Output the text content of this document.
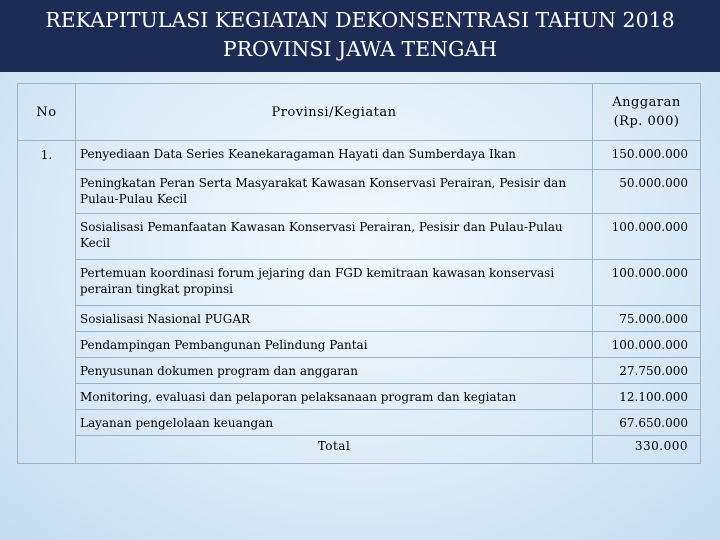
REKAPITULASI KEGIATAN DEKONSENTRASI TAHUN 2018
PROVINSI JAWA TENGAH
No	Provinsi/Kegiatan	Anggaran
(Rp. 000)

1.	Penyediaan Data Series Keanekaragaman Hayati dan Sumberdaya Ikan	150.000.000
	Peningkatan Peran Serta Masyarakat Kawasan Konservasi Perairan, Pesisir dan Pulau-Pulau Kecil	50.000.000
	Sosialisasi Pemanfaatan Kawasan Konservasi Perairan, Pesisir dan Pulau-Pulau Kecil	100.000.000
	Pertemuan koordinasi forum jejaring dan FGD kemitraan kawasan konservasi perairan tingkat propinsi	100.000.000
	Sosialisasi Nasional PUGAR	75.000.000
	Pendampingan Pembangunan Pelindung Pantai	100.000.000
	Penyusunan dokumen program dan anggaran	27.750.000
	Monitoring, evaluasi dan pelaporan pelaksanaan program dan kegiatan	12.100.000
	Layanan pengelolaan keuangan	67.650.000
	Total	330.000
